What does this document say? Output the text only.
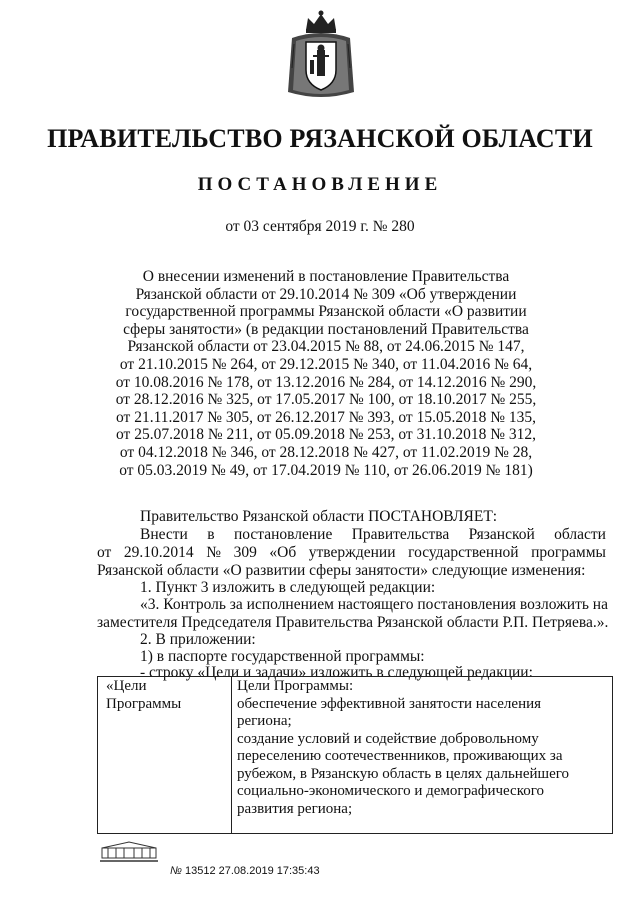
ПРАВИТЕЛЬСТВО РЯЗАНСКОЙ ОБЛАСТИ
ПОСТАНОВЛЕНИЕ
от 03 сентября 2019 г. № 280
О внесении изменений в постановление Правительства
Рязанской области от 29.10.2014 № 309 «Об утверждении
государственной программы Рязанской области «О развитии
сферы занятости» (в редакции постановлений Правительства
Рязанской области от 23.04.2015 № 88, от 24.06.2015 № 147,
от 21.10.2015 № 264, от 29.12.2015 № 340, от 11.04.2016 № 64,
от 10.08.2016 № 178, от 13.12.2016 № 284, от 14.12.2016 № 290,
от 28.12.2016 № 325, от 17.05.2017 № 100, от 18.10.2017 № 255,
от 21.11.2017 № 305, от 26.12.2017 № 393, от 15.05.2018 № 135,
от 25.07.2018 № 211, от 05.09.2018 № 253, от 31.10.2018 № 312,
от 04.12.2018 № 346, от 28.12.2018 № 427, от 11.02.2019 № 28,
от 05.03.2019 № 49, от 17.04.2019 № 110, от 26.06.2019 № 181)
Правительство Рязанской области ПОСТАНОВЛЯЕТ:
Внести в постановление Правительства Рязанской области
от 29.10.2014 № 309 «Об утверждении государственной программы
Рязанской области «О развитии сферы занятости» следующие изменения:
1. Пункт 3 изложить в следующей редакции:
«3. Контроль за исполнением настоящего постановления возложить на
заместителя Председателя Правительства Рязанской области Р.П. Петряева.».
2. В приложении:
1) в паспорте государственной программы:
- строку «Цели и задачи» изложить в следующей редакции:
«Цели
Программы
Цели Программы:
обеспечение эффективной занятости населения
региона;
создание условий и содействие добровольному
переселению соотечественников, проживающих за
рубежом, в Рязанскую область в целях дальнейшего
социально-экономического и демографического
развития региона;
№ 13512 27.08.2019 17:35:43
